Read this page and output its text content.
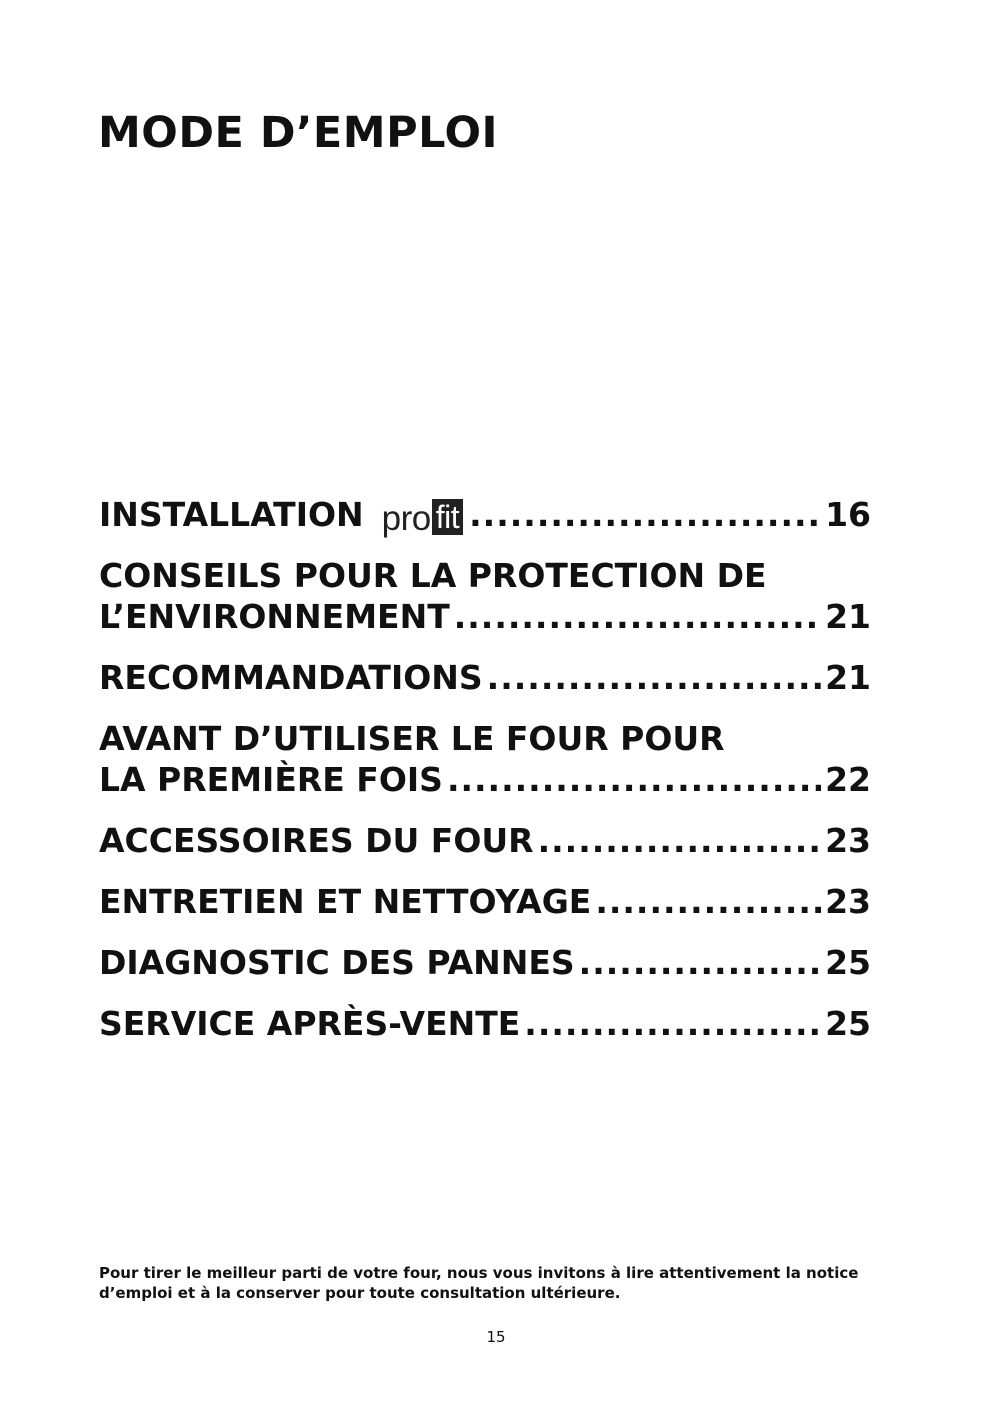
MODE D’EMPLOI
INSTALLATION pro fit .....	16
CONSEILS POUR LA PROTECTION DE
L’ENVIRONNEMENT .....	21
RECOMMANDATIONS .....	21
AVANT D’UTILISER LE FOUR POUR
LA PREMIÈRE FOIS .....	22
ACCESSOIRES DU FOUR .....	23
ENTRETIEN ET NETTOYAGE .....	23
DIAGNOSTIC DES PANNES .....	25
SERVICE APRÈS-VENTE .....	25

Pour tirer le meilleur parti de votre four, nous vous invitons à lire attentivement la notice d’emploi et à la conserver pour toute consultation ultérieure.

15
